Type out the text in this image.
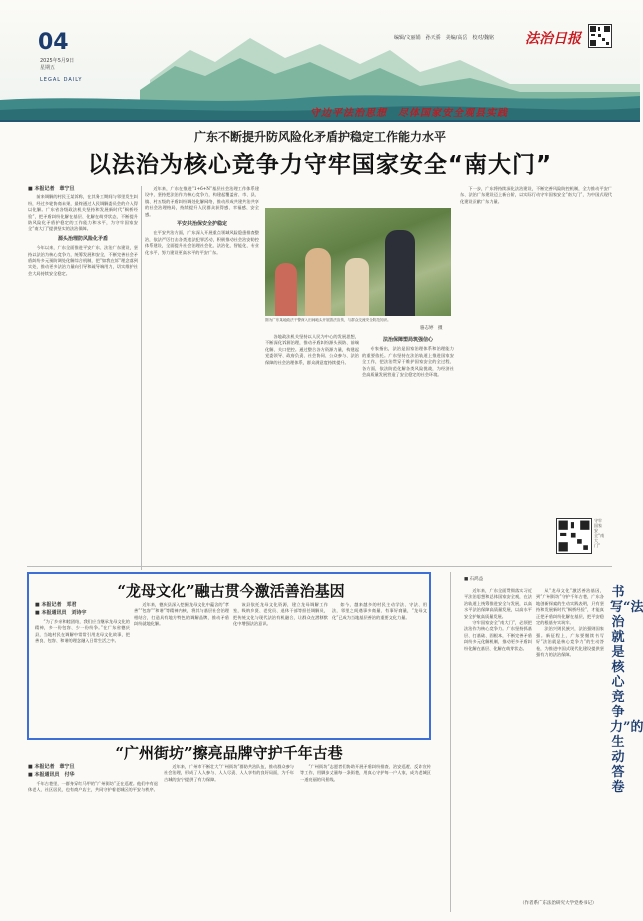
04
2025年5月9日
星期五
LEGAL DAILY
编辑/文丽娟　孙天骄　美编/高岳　校对/魏铭 法治日报
守边平法治思想　尽体国家安全观县实践
广东不断提升防风险化矛盾护稳定工作能力水平
以法治为核心竞争力守牢国家安全“南大门”

■ 本报记者　章宁旦

前来调解的村民王某诉称，在其务工期间与邻里发生纠纷，经过多轮协商未果，最终通过人民调解委员会的介入得以化解。广东省各级政法机关坚持和发展新时代“枫桥经验”，把矛盾纠纷化解在基层、化解在萌芽状态，不断提升防风险化矛盾护稳定的工作能力和水平，为守牢国家安全“南大门”提供坚实的法治保障。

源头治理防风险化矛盾

今年以来，广东全面推进平安广东、法治广东建设，坚持以法治为核心竞争力，统筹发展和安全，不断完善社会矛盾纠纷多元预防调处化解综合机制，把“如我在诉”理念落到实处，推动更多法治力量向引导和疏导端用力，切实维护社会大局持续安全稳定。

近年来，广东在推进“1+6+N”基层社会治理工作体系建设中，坚持把法治作为核心竞争力，构建起覆盖省、市、县、镇、村五级的矛盾纠纷调处化解网络，推动形成共建共治共享的社会治理格局，持续提升人民群众获得感、幸福感、安全感。

平安共治保安全护稳定

在平安共治方面，广东深入开展重点领域风险隐患排查整治，依法严厉打击各类违法犯罪活动，积极推动社会治安防控体系建设，全面提升社会治理社会化、法治化、智能化、专业化水平，努力建设更高水平的平安广东。

图为广东某地政法干警深入田间地头开展普法宣传，与群众交流安全防范知识。
骆志婷　摄

各地政法机关坚持以人民为中心的发展思想，不断深化诉源治理，推动矛盾纠纷源头预防、前端化解、关口把控。通过整合各方资源力量，构建起党委领导、政府负责、社会协同、公众参与、法治保障的社会治理体系，群众满意度持续提升。

法治保障塑局筑强信心

专家指出，法治是国家治理体系和治理能力的重要依托。广东坚持在法治轨道上推进国家安全工作，把法治贯穿于维护国家安全的全过程、各方面，依法防范化解各类风险挑战，为经济社会高质量发展营造了安全稳定的社会环境。

下一步，广东将持续深化法治建设，不断完善风险防控机制，全力推动平安广东、法治广东建设迈上新台阶，以实际行动守牢国家安全“南大门”，为中国式现代化建设贡献广东力量。

守牢国家安全“南大门”
“龙母文化”融古贯今激活善治基因

■ 本报记者　邓君

■ 本报通讯员　刘诗宇

“为了乡亲和睦团结，我们应当继承龙母文化的精神，多一份包容、少一份纷争。”在广东省德庆县，当地村民在调解中常常引用龙母文化故事，把善良、包容、和谐的理念融入日常生活之中。

近年来，德庆县深入挖掘龙母文化中蕴含的“孝善”“包容”“和谐”等精神内核，将其与基层社会治理相结合，打造具有地方特色的调解品牌，推动矛盾纠纷就地化解。

该县依托龙母文化资源，建立龙母调解工作室，吸纳乡贤、老党员、退休干部等担任调解员，把传统文化与现代法治有机融合，让群众在潜移默化中增强法治意识。

如今，越来越多的村民主动学法、守法、用法，邻里之间遇事多商量、有事好商量，“龙母文化”已成为当地基层善治的重要文化力量。

“广州街坊”擦亮品牌守护千年古巷

■ 本报记者　章宁旦

■ 本报通讯员　付华

千年古巷里，一群身穿红马甲的“广州街坊”正在巡逻。他们中有退休老人、社区居民，也有商户店主，共同守护着老城区的平安与秩序。

近年来，广州市不断壮大“广州街坊”群防共治队伍，推动群众参与社会治理，形成了人人参与、人人尽责、人人享有的良好局面，为千年古城的安宁提供了有力保障。

“广州街坊”志愿者们协助开展矛盾纠纷排查、治安巡逻、反诈宣传等工作，用脚步丈量每一条街巷，用真心守护每一户人家，成为老城区一道亮丽的风景线。

■ 石鸿益

近年来，广东全面贯彻落实习近平法治思想和总体国家安全观，在法治轨道上统筹推进安全与发展，以高水平法治保障高质量发展，以高水平安全护航高质量发展。

守牢国家安全“南大门”，必须把法治作为核心竞争力。广东坚持抓基层、打基础、固根本，不断完善矛盾纠纷多元化解机制，推动更多矛盾纠纷化解在基层、化解在萌芽状态。

从“龙母文化”激活善治基因，到“广州街坊”守护千年古巷，广东各地创新探索的生动实践表明，只有坚持和发展新时代“枫桥经验”，才能真正把矛盾纠纷化解在基层，把平安稳定的根基夯实筑牢。

法治兴则民族兴，法治强则国家强。新征程上，广东要继续书写好“法治就是核心竞争力”的生动答卷，为推进中国式现代化建设提供坚强有力的法治保障。

书写“法治就是核心竞争力”的生动答卷
（作者系广东法治研究大学党委书记）
